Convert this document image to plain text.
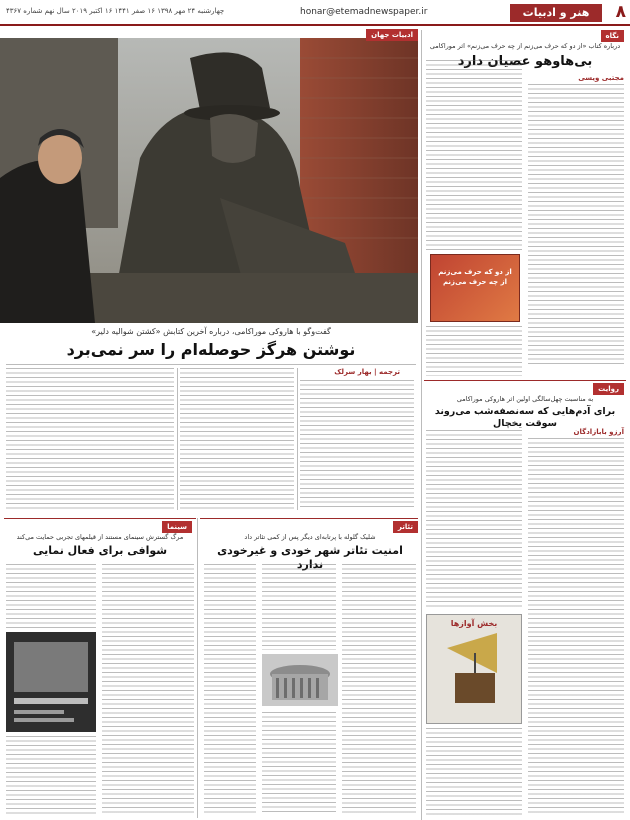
٨
هنر و ادبیات
honar@etemadnewspaper.ir
چهارشنبه ۲۴ مهر ۱۳۹۸ ۱۶ صفر ۱۴۴۱ ۱۶ اکتبر ۲۰۱۹ سال نهم شماره ۴۳۶۷
ادبیات جهان
گفت‌وگو با هاروکی موراکامی، درباره آخرین کتابش «کشتن شوالیه دلیر»
نوشتن هرگز حوصله‌ام را سر نمی‌برد
ترجمه | بهار سرلک
نگاه
درباره کتاب «از دو که حرف می‌زنم از چه حرف می‌زنم» اثر موراکامی
بی‌هاوهو عصیان دارد
مجتبی ویسی
از دو که حرف می‌زنم از چه حرف می‌زنم
روایت
به مناسبت چهل‌سالگی اولین اثر هاروکی موراکامی
برای آدم‌هایی که سه‌نصفه‌شب می‌روند سوقت یخچال
آرزو بابازادگان
بخش آوازها
تئاتر
شلیک گلوله با پرتابه‌ای دیگر پس از کمی تئاتر داد
امنیت تئاتر شهر خودی و غیرخودی ندارد
سینما
مرگ گسترش سینمای مستند از قیلمهای تجربی حمایت می‌کند
شوافی برای فعال نمایی
